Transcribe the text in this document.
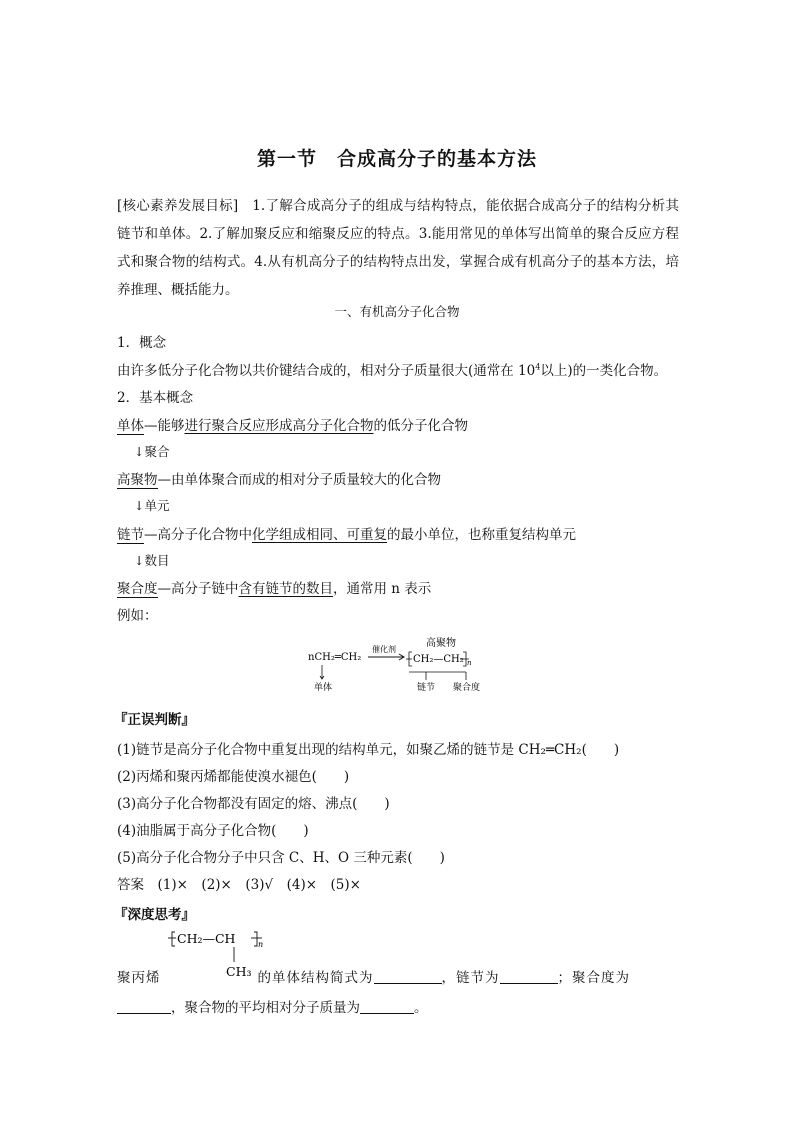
第一节　合成高分子的基本方法
[核心素养发展目标]　1.了解合成高分子的组成与结构特点，能依据合成高分子的结构分析其链节和单体。2.了解加聚反应和缩聚反应的特点。3.能用常见的单体写出简单的聚合反应方程式和聚合物的结构式。4.从有机高分子的结构特点出发，掌握合成有机高分子的基本方法，培养推理、概括能力。
一、有机高分子化合物
1．概念
由许多低分子化合物以共价键结合成的，相对分子质量很大(通常在 $10^4$以上)的一类化合物。
2．基本概念
单体—能够进行聚合反应形成高分子化合物的低分子化合物
↓聚合
高聚物—由单体聚合而成的相对分子质量较大的化合物
↓单元
链节—高分子化合物中化学组成相同、可重复的最小单位，也称重复结构单元
↓数目
聚合度—高分子链中含有链节的数目，通常用 n 表示
例如：
高聚物
nCH₂═CH₂
催化剂
CH₂—CH₂ n
单体	链节 聚合度
『正误判断』
(1)链节是高分子化合物中重复出现的结构单元，如聚乙烯的链节是 CH₂═CH₂(　　)
(2)丙烯和聚丙烯都能使溴水褪色(　　)
(3)高分子化合物都没有固定的熔、沸点(　　)
(4)油脂属于高分子化合物(　　)
(5)高分子化合物分子中只含 C、H、O 三种元素(　　)
答案　(1)×　(2)×　(3)√　(4)×　(5)×
『深度思考』
CH₂—CH	n
CH₃
聚丙烯	的单体结构简式为	，链节为	；聚合度为
，聚合物的平均相对分子质量为	。
